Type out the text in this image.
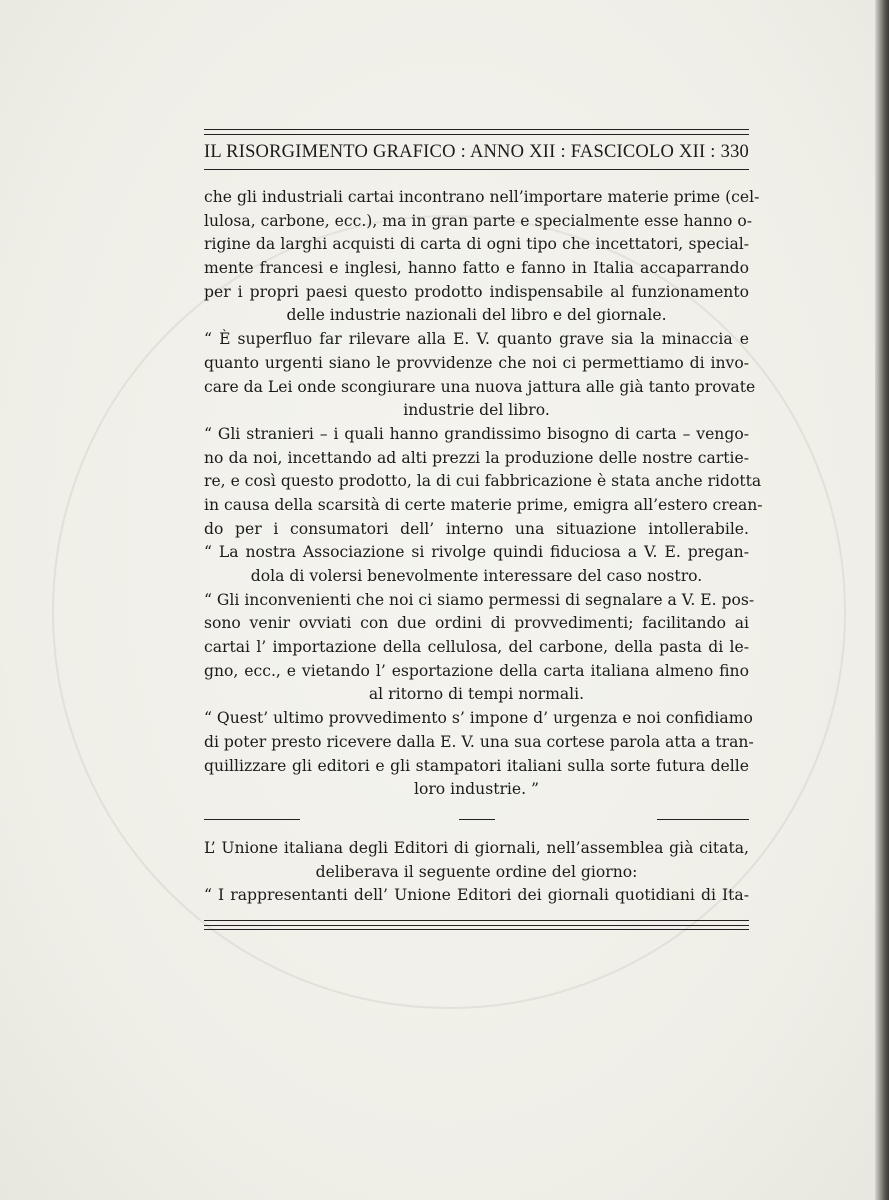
IL RISORGIMENTO GRAFICO : ANNO XII : FASCICOLO XII : 330
che gli industriali cartai incontrano nell’importare materie prime (cel-
lulosa, carbone, ecc.), ma in gran parte e specialmente esse hanno o-
rigine da larghi acquisti di carta di ogni tipo che incettatori, special-
mente francesi e inglesi, hanno fatto e fanno in Italia accaparrando
per i propri paesi questo prodotto indispensabile al funzionamento
delle industrie nazionali del libro e del giornale.
“ È superfluo far rilevare alla E. V. quanto grave sia la minaccia e
quanto urgenti siano le provvidenze che noi ci permettiamo di invo-
care da Lei onde scongiurare una nuova jattura alle già tanto provate
industrie del libro.
“ Gli stranieri – i quali hanno grandissimo bisogno di carta – vengo-
no da noi, incettando ad alti prezzi la produzione delle nostre cartie-
re, e così questo prodotto, la di cui fabbricazione è stata anche ridotta
in causa della scarsità di certe materie prime, emigra all’estero crean-
do per i consumatori dell’ interno una situazione intollerabile.
“ La nostra Associazione si rivolge quindi fiduciosa a V. E. pregan-
dola di volersi benevolmente interessare del caso nostro.
“ Gli inconvenienti che noi ci siamo permessi di segnalare a V. E. pos-
sono venir ovviati con due ordini di provvedimenti; facilitando ai
cartai l’ importazione della cellulosa, del carbone, della pasta di le-
gno, ecc., e vietando l’ esportazione della carta italiana almeno fino
al ritorno di tempi normali.
“ Quest’ ultimo provvedimento s’ impone d’ urgenza e noi confidiamo
di poter presto ricevere dalla E. V. una sua cortese parola atta a tran-
quillizzare gli editori e gli stampatori italiani sulla sorte futura delle
loro industrie. ”
L’ Unione italiana degli Editori di giornali, nell’assemblea già citata,
deliberava il seguente ordine del giorno:
“ I rappresentanti dell’ Unione Editori dei giornali quotidiani di Ita-
